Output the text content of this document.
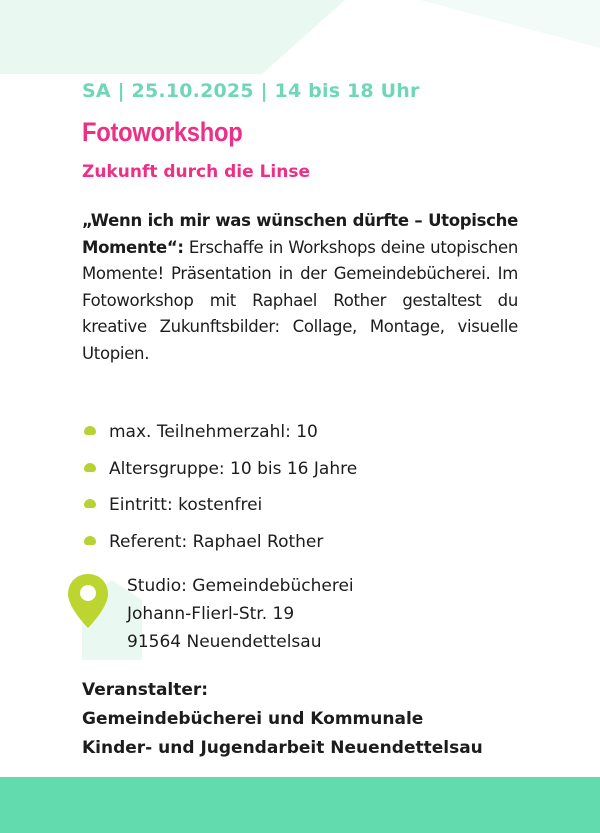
SA | 25.10.2025 | 14 bis 18 Uhr
Fotoworkshop
Zukunft durch die Linse
„Wenn ich mir was wünschen dürfte – Utopische Momente“: Erschaffe in Workshops deine utopischen Momente! Präsentation in der Gemeindebücherei. Im Fotoworkshop mit Raphael Rother gestaltest du kreative Zukunftsbilder: Collage, Montage, visuelle Utopien.
max. Teilnehmerzahl: 10
Altersgruppe: 10 bis 16 Jahre
Eintritt: kostenfrei
Referent: Raphael Rother
Studio: Gemeindebücherei
Johann-Flierl-Str. 19
91564 Neuendettelsau
Veranstalter:
Gemeindebücherei und Kommunale
Kinder- und Jugendarbeit Neuendettelsau
